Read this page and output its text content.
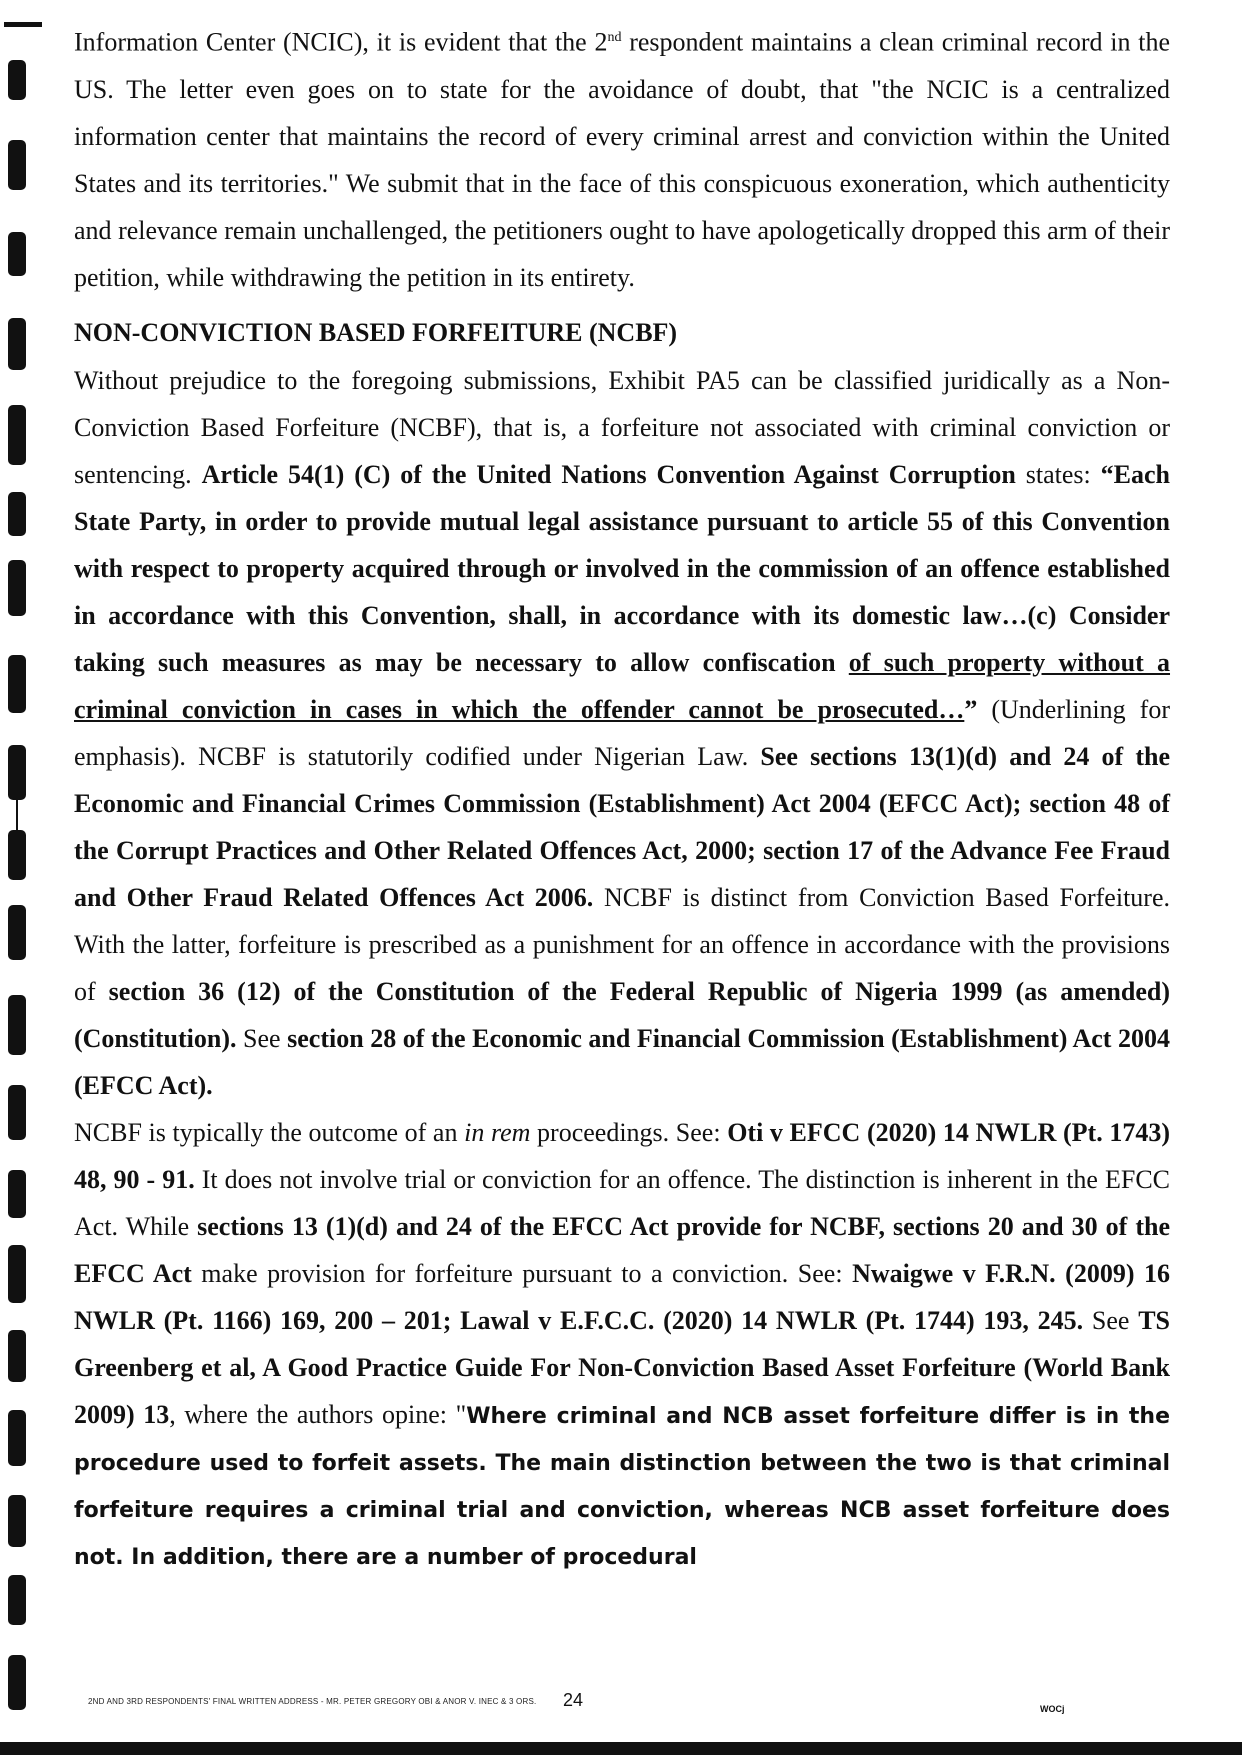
Information Center (NCIC), it is evident that the 2nd respondent maintains a clean criminal record in the US. The letter even goes on to state for the avoidance of doubt, that "the NCIC is a centralized information center that maintains the record of every criminal arrest and conviction within the United States and its territories." We submit that in the face of this conspicuous exoneration, which authenticity and relevance remain unchallenged, the petitioners ought to have apologetically dropped this arm of their petition, while withdrawing the petition in its entirety.

NON-CONVICTION BASED FORFEITURE (NCBF)

Without prejudice to the foregoing submissions, Exhibit PA5 can be classified juridically as a Non-Conviction Based Forfeiture (NCBF), that is, a forfeiture not associated with criminal conviction or sentencing. Article 54(1) (C) of the United Nations Convention Against Corruption states: “Each State Party, in order to provide mutual legal assistance pursuant to article 55 of this Convention with respect to property acquired through or involved in the commission of an offence established in accordance with this Convention, shall, in accordance with its domestic law…(c) Consider taking such measures as may be necessary to allow confiscation of such property without a criminal conviction in cases in which the offender cannot be prosecuted…” (Underlining for emphasis). NCBF is statutorily codified under Nigerian Law. See sections 13(1)(d) and 24 of the Economic and Financial Crimes Commission (Establishment) Act 2004 (EFCC Act); section 48 of the Corrupt Practices and Other Related Offences Act, 2000; section 17 of the Advance Fee Fraud and Other Fraud Related Offences Act 2006. NCBF is distinct from Conviction Based Forfeiture. With the latter, forfeiture is prescribed as a punishment for an offence in accordance with the provisions of section 36 (12) of the Constitution of the Federal Republic of Nigeria 1999 (as amended) (Constitution). See section 28 of the Economic and Financial Commission (Establishment) Act 2004 (EFCC Act).

NCBF is typically the outcome of an in rem proceedings. See: Oti v EFCC (2020) 14 NWLR (Pt. 1743) 48, 90 - 91. It does not involve trial or conviction for an offence. The distinction is inherent in the EFCC Act. While sections 13 (1)(d) and 24 of the EFCC Act provide for NCBF, sections 20 and 30 of the EFCC Act make provision for forfeiture pursuant to a conviction. See: Nwaigwe v F.R.N. (2009) 16 NWLR (Pt. 1166) 169, 200 – 201; Lawal v E.F.C.C. (2020) 14 NWLR (Pt. 1744) 193, 245. See TS Greenberg et al, A Good Practice Guide For Non-Conviction Based Asset Forfeiture (World Bank 2009) 13, where the authors opine: "Where criminal and NCB asset forfeiture differ is in the procedure used to forfeit assets. The main distinction between the two is that criminal forfeiture requires a criminal trial and conviction, whereas NCB asset forfeiture does not. In addition, there are a number of procedural

2ND AND 3RD RESPONDENTS' FINAL WRITTEN ADDRESS - MR. PETER GREGORY OBI & ANOR V. INEC & 3 ORS. 24	WOCj
